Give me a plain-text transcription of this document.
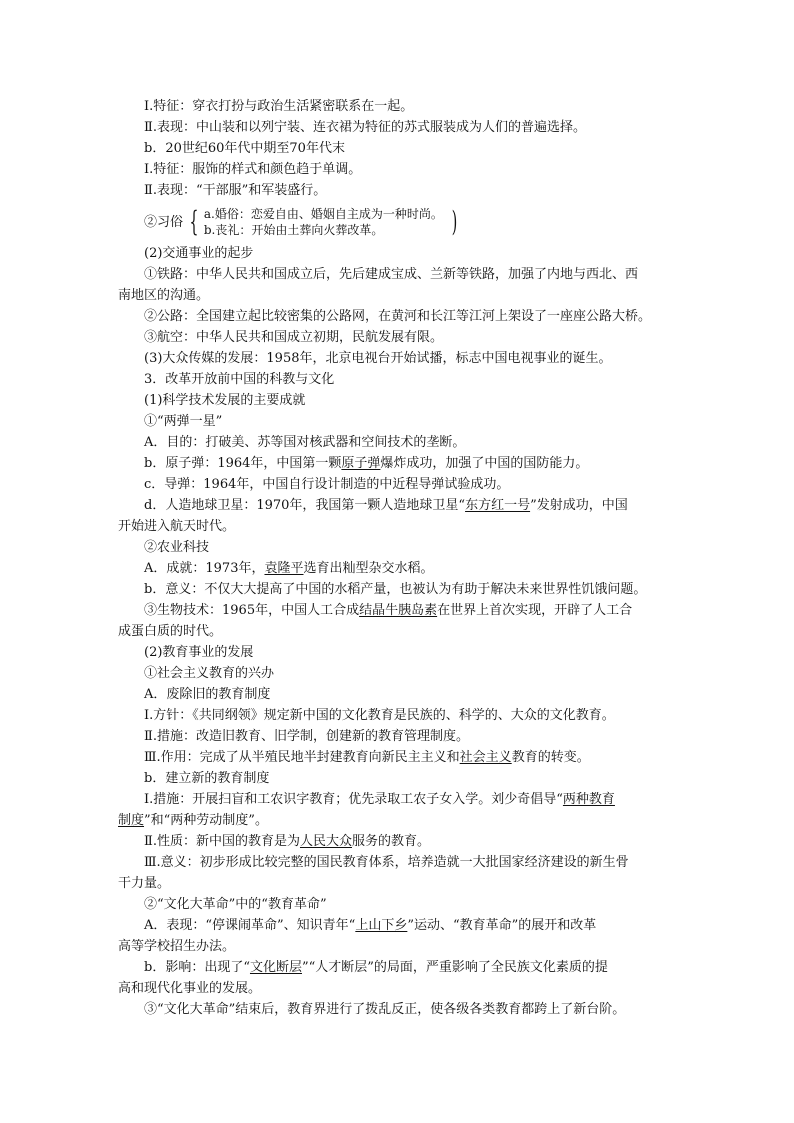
Ⅰ.特征：穿衣打扮与政治生活紧密联系在一起。
Ⅱ.表现：中山装和以列宁装、连衣裙为特征的苏式服装成为人们的普遍选择。
b．20世纪60年代中期至70年代末
Ⅰ.特征：服饰的样式和颜色趋于单调。
Ⅱ.表现：“干部服”和军装盛行。
②习俗 { a.婚俗：恋爱自由、婚姻自主成为一种时尚。
b.丧礼：开始由土葬向火葬改革。	)
(2)交通事业的起步
①铁路：中华人民共和国成立后，先后建成宝成、兰新等铁路，加强了内地与西北、西
南地区的沟通。
②公路：全国建立起比较密集的公路网，在黄河和长江等江河上架设了一座座公路大桥。
③航空：中华人民共和国成立初期，民航发展有限。
(3)大众传媒的发展：1958年，北京电视台开始试播，标志中国电视事业的诞生。
3．改革开放前中国的科教与文化
(1)科学技术发展的主要成就
①“两弹一星”
A．目的：打破美、苏等国对核武器和空间技术的垄断。
b．原子弹：1964年，中国第一颗原子弹爆炸成功，加强了中国的国防能力。
c．导弹：1964年，中国自行设计制造的中近程导弹试验成功。
d．人造地球卫星：1970年，我国第一颗人造地球卫星“东方红一号”发射成功，中国
开始进入航天时代。
②农业科技
A．成就：1973年，袁隆平选育出籼型杂交水稻。
b．意义：不仅大大提高了中国的水稻产量，也被认为有助于解决未来世界性饥饿问题。
③生物技术：1965年，中国人工合成结晶牛胰岛素在世界上首次实现，开辟了人工合
成蛋白质的时代。
(2)教育事业的发展
①社会主义教育的兴办
A．废除旧的教育制度
Ⅰ.方针：《共同纲领》规定新中国的文化教育是民族的、科学的、大众的文化教育。
Ⅱ.措施：改造旧教育、旧学制，创建新的教育管理制度。
Ⅲ.作用：完成了从半殖民地半封建教育向新民主主义和社会主义教育的转变。
b．建立新的教育制度
Ⅰ.措施：开展扫盲和工农识字教育；优先录取工农子女入学。刘少奇倡导“两种教育
制度”和“两种劳动制度”。
Ⅱ.性质：新中国的教育是为人民大众服务的教育。
Ⅲ.意义：初步形成比较完整的国民教育体系，培养造就一大批国家经济建设的新生骨
干力量。
②“文化大革命”中的“教育革命”
A．表现：“停课闹革命”、知识青年“上山下乡”运动、“教育革命”的展开和改革
高等学校招生办法。
b．影响：出现了“文化断层”“人才断层”的局面，严重影响了全民族文化素质的提
高和现代化事业的发展。
③“文化大革命”结束后，教育界进行了拨乱反正，使各级各类教育都跨上了新台阶。
